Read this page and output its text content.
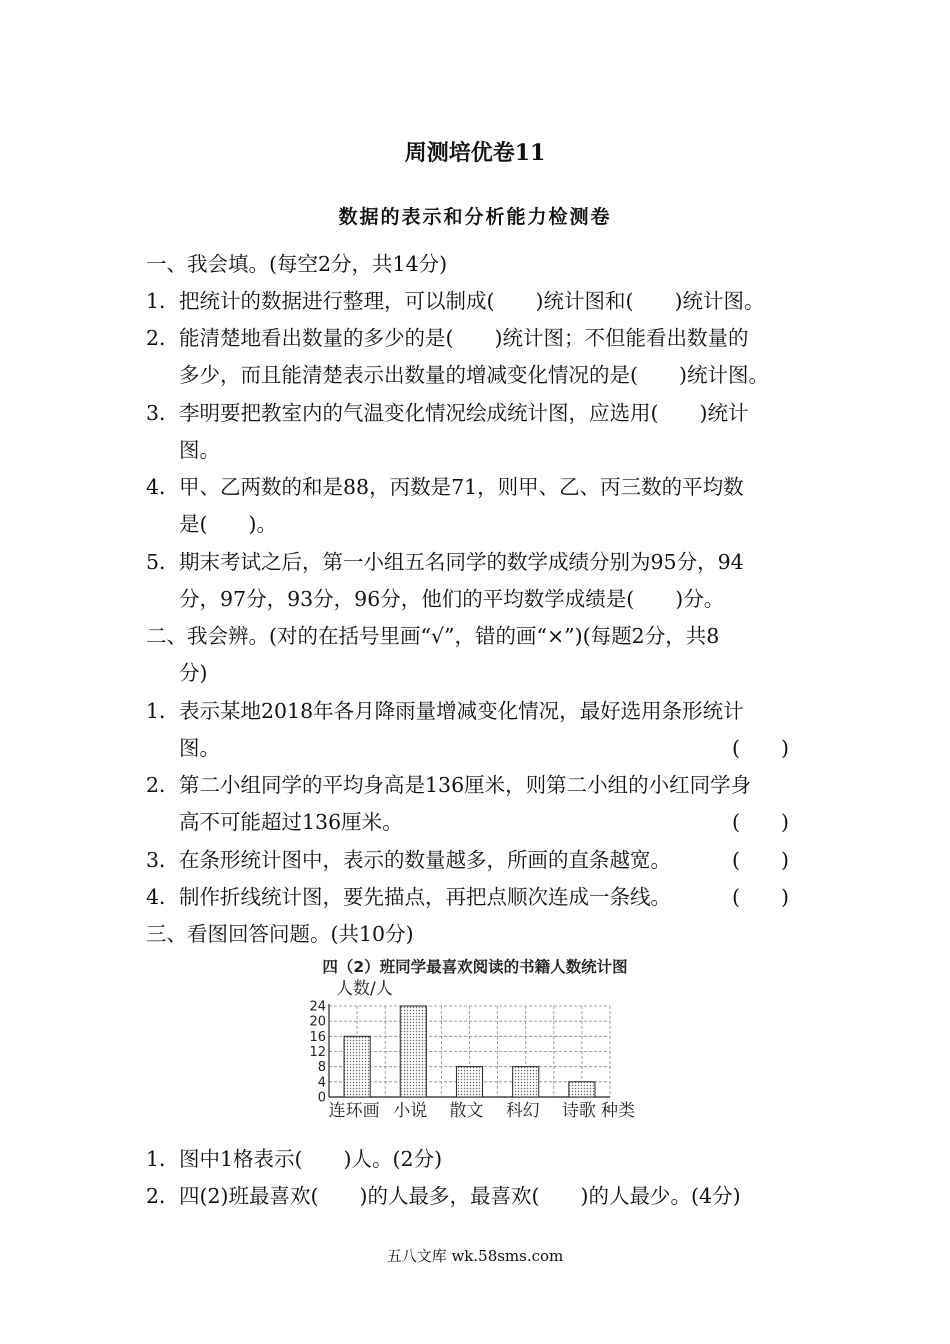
周测培优卷11
数据的表示和分析能力检测卷
一、我会填。(每空2分，共14分)
1．把统计的数据进行整理，可以制成(　　)统计图和(　　)统计图。
2．能清楚地看出数量的多少的是(　　)统计图；不但能看出数量的
多少，而且能清楚表示出数量的增减变化情况的是(　　)统计图。
3．李明要把教室内的气温变化情况绘成统计图，应选用(　　)统计
图。
4．甲、乙两数的和是88，丙数是71，则甲、乙、丙三数的平均数
是(　　)。
5．期末考试之后，第一小组五名同学的数学成绩分别为95分，94
分，97分，93分，96分，他们的平均数学成绩是(　　)分。
二、我会辨。(对的在括号里画“√”，错的画“×”)(每题2分，共8
分)
1．表示某地2018年各月降雨量增减变化情况，最好选用条形统计
图。	(　　)
2．第二小组同学的平均身高是136厘米，则第二小组的小红同学身
高不可能超过136厘米。	(　　)
3．在条形统计图中，表示的数量越多，所画的直条越宽。	(　　)
4．制作折线统计图，要先描点，再把点顺次连成一条线。	(　　)
三、看图回答问题。(共10分)
四（2）班同学最喜欢阅读的书籍人数统计图
人数/人
0
4
8
12
16
20
24
连环画 小说 散文 科幻 诗歌 种类
1．图中1格表示(　　)人。(2分)
2．四(2)班最喜欢(　　)的人最多，最喜欢(　　)的人最少。(4分)
五八文库 wk.58sms.com
